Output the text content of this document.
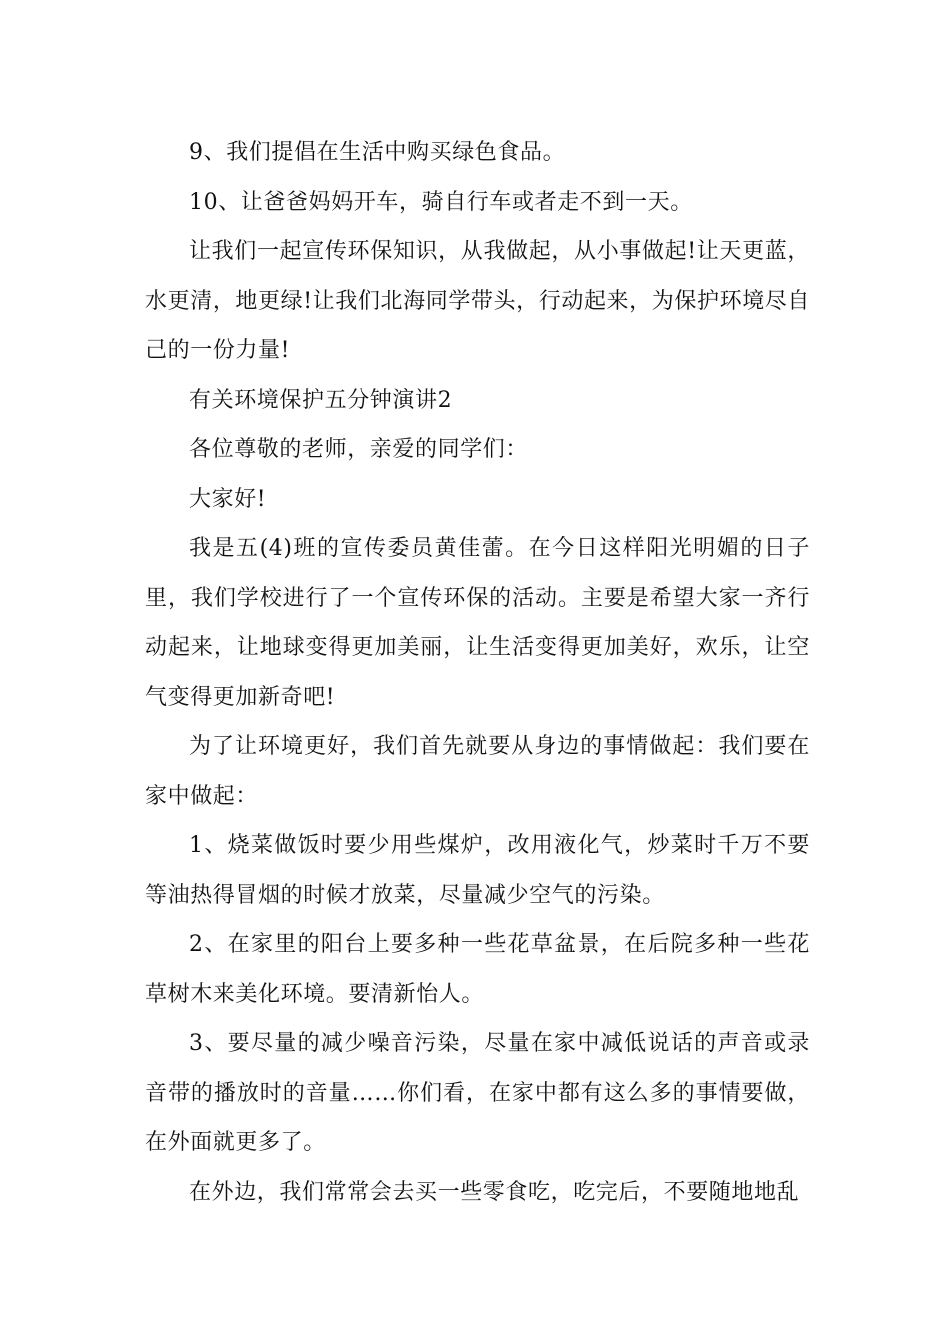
9、我们提倡在生活中购买绿色食品。

10、让爸爸妈妈开车，骑自行车或者走不到一天。

让我们一起宣传环保知识，从我做起，从小事做起!让天更蓝，水更清，地更绿!让我们北海同学带头，行动起来，为保护环境尽自己的一份力量!

有关环境保护五分钟演讲2

各位尊敬的老师，亲爱的同学们：

大家好!

我是五(4)班的宣传委员黄佳蕾。在今日这样阳光明媚的日子里，我们学校进行了一个宣传环保的活动。主要是希望大家一齐行动起来，让地球变得更加美丽，让生活变得更加美好，欢乐，让空气变得更加新奇吧!

为了让环境更好，我们首先就要从身边的事情做起：我们要在家中做起：

1、烧菜做饭时要少用些煤炉，改用液化气，炒菜时千万不要等油热得冒烟的时候才放菜，尽量减少空气的污染。

2、在家里的阳台上要多种一些花草盆景，在后院多种一些花草树木来美化环境。要清新怡人。

3、要尽量的减少噪音污染，尽量在家中减低说话的声音或录音带的播放时的音量……你们看，在家中都有这么多的事情要做，在外面就更多了。

在外边，我们常常会去买一些零食吃，吃完后，不要随地地乱
